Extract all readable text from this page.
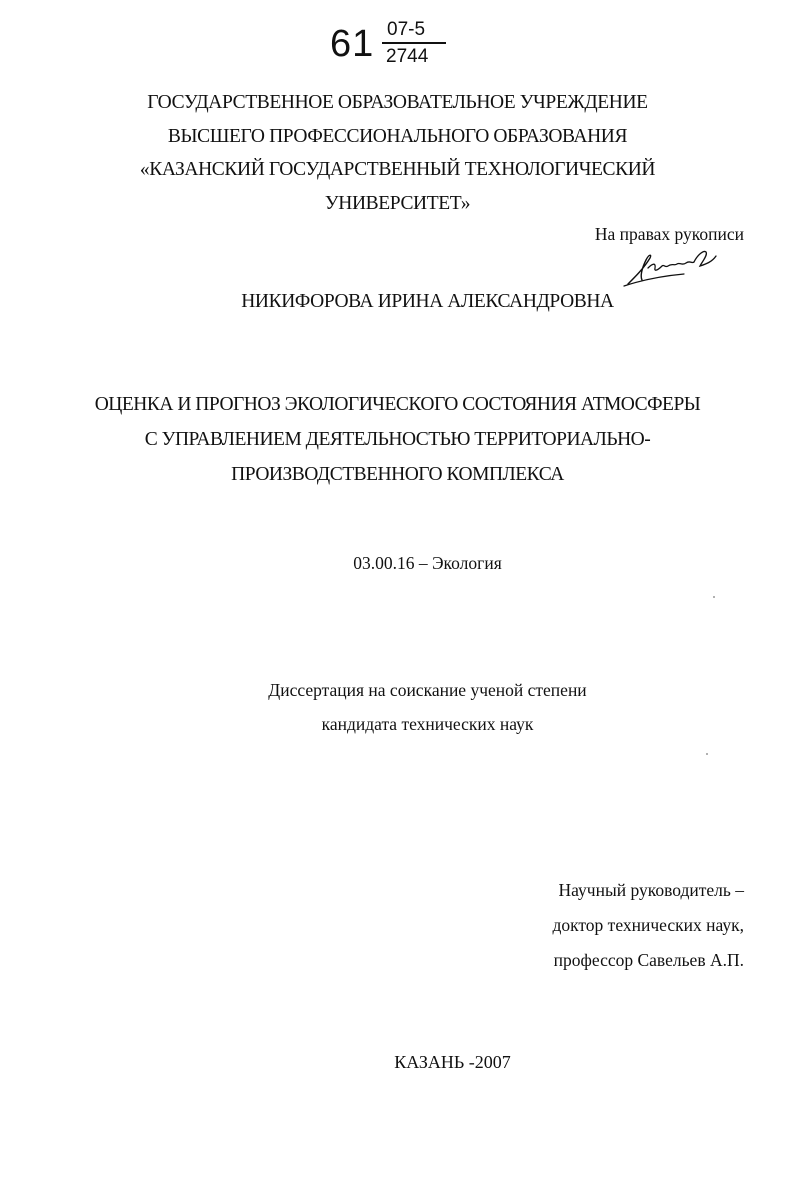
61 07-5
2744
ГОСУДАРСТВЕННОЕ ОБРАЗОВАТЕЛЬНОЕ УЧРЕЖДЕНИЕ
ВЫСШЕГО ПРОФЕССИОНАЛЬНОГО ОБРАЗОВАНИЯ
«КАЗАНСКИЙ ГОСУДАРСТВЕННЫЙ ТЕХНОЛОГИЧЕСКИЙ
УНИВЕРСИТЕТ»
На правах рукописи
НИКИФОРОВА ИРИНА АЛЕКСАНДРОВНА
ОЦЕНКА И ПРОГНОЗ ЭКОЛОГИЧЕСКОГО СОСТОЯНИЯ АТМОСФЕРЫ
С УПРАВЛЕНИЕМ ДЕЯТЕЛЬНОСТЬЮ ТЕРРИТОРИАЛЬНО-
ПРОИЗВОДСТВЕННОГО КОМПЛЕКСА
03.00.16 – Экология
Диссертация на соискание ученой степени
кандидата технических наук
Научный руководитель –
доктор технических наук,
профессор Савельев А.П.
КАЗАНЬ -2007
